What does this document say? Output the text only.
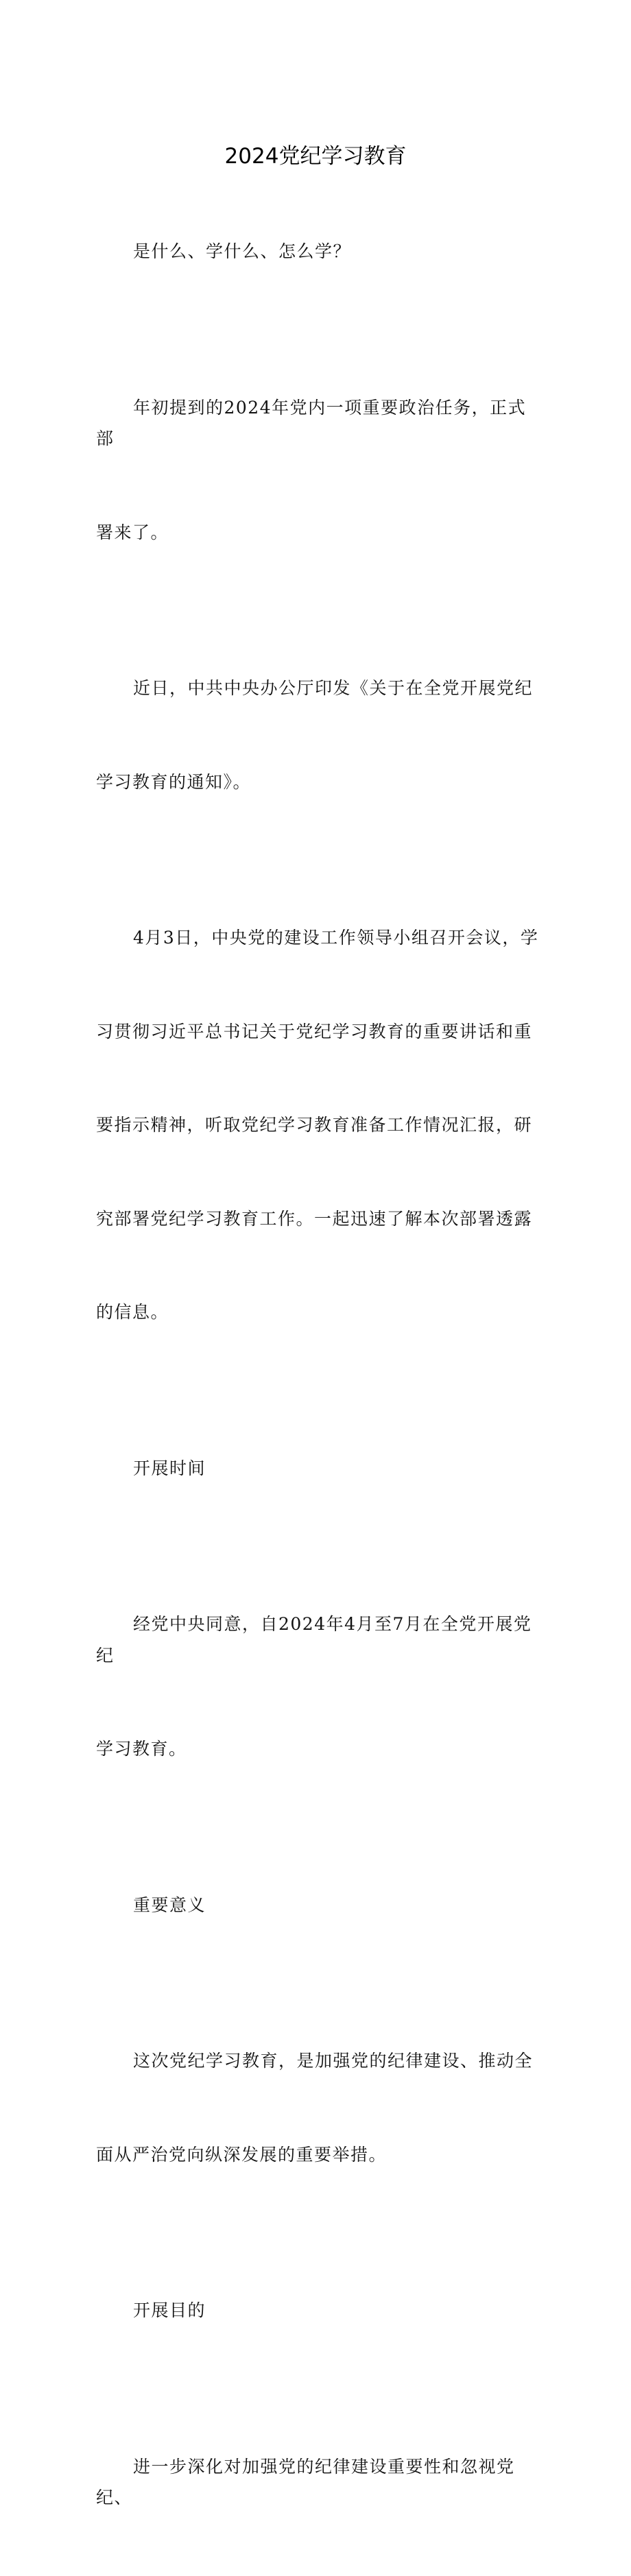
2024党纪学习教育

是什么、学什么、怎么学？

年初提到的2024年党内一项重要政治任务，正式部

署来了。

近日，中共中央办公厅印发《关于在全党开展党纪

学习教育的通知》。

4月3日，中央党的建设工作领导小组召开会议，学

习贯彻习近平总书记关于党纪学习教育的重要讲话和重

要指示精神，听取党纪学习教育准备工作情况汇报，研

究部署党纪学习教育工作。一起迅速了解本次部署透露

的信息。

开展时间

经党中央同意，自2024年4月至7月在全党开展党纪

学习教育。

重要意义

这次党纪学习教育，是加强党的纪律建设、推动全

面从严治党向纵深发展的重要举措。

开展目的

进一步深化对加强党的纪律建设重要性和忽视党纪、
